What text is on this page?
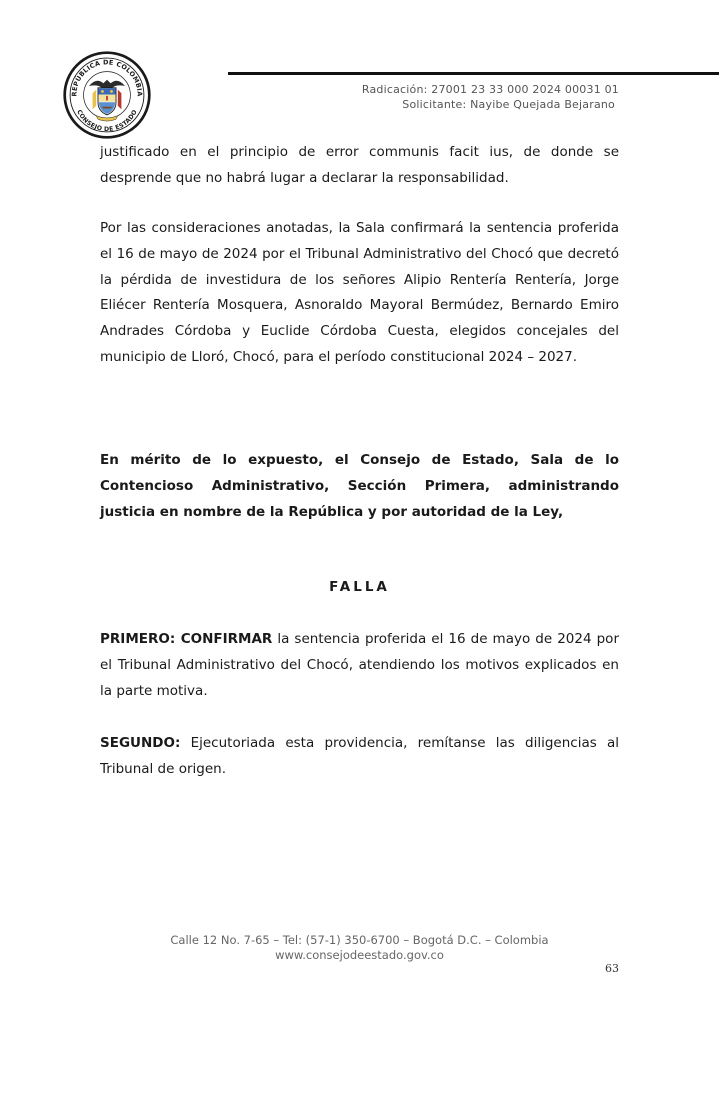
REPÚBLICA DE COLOMBIA
CONSEJO DE ESTADO
Radicación: 27001 23 33 000 2024 00031 01
Solicitante: Nayibe Quejada Bejarano
justificado en el principio de error communis facit ius, de donde se desprende que no habrá lugar a declarar la responsabilidad.
Por las consideraciones anotadas, la Sala confirmará la sentencia proferida el 16 de mayo de 2024 por el Tribunal Administrativo del Chocó que decretó la pérdida de investidura de los señores Alipio Rentería Rentería, Jorge Eliécer Rentería Mosquera, Asnoraldo Mayoral Bermúdez, Bernardo Emiro Andrades Córdoba y Euclide Córdoba Cuesta, elegidos concejales del municipio de Lloró, Chocó, para el período constitucional 2024 – 2027.
En mérito de lo expuesto, el Consejo de Estado, Sala de lo Contencioso Administrativo, Sección Primera, administrando justicia en nombre de la República y por autoridad de la Ley,
FALLA
PRIMERO: CONFIRMAR la sentencia proferida el 16 de mayo de 2024 por el Tribunal Administrativo del Chocó, atendiendo los motivos explicados en la parte motiva.
SEGUNDO: Ejecutoriada esta providencia, remítanse las diligencias al Tribunal de origen.
Calle 12 No. 7-65 – Tel: (57-1) 350-6700 – Bogotá D.C. – Colombia
www.consejodeestado.gov.co
63
